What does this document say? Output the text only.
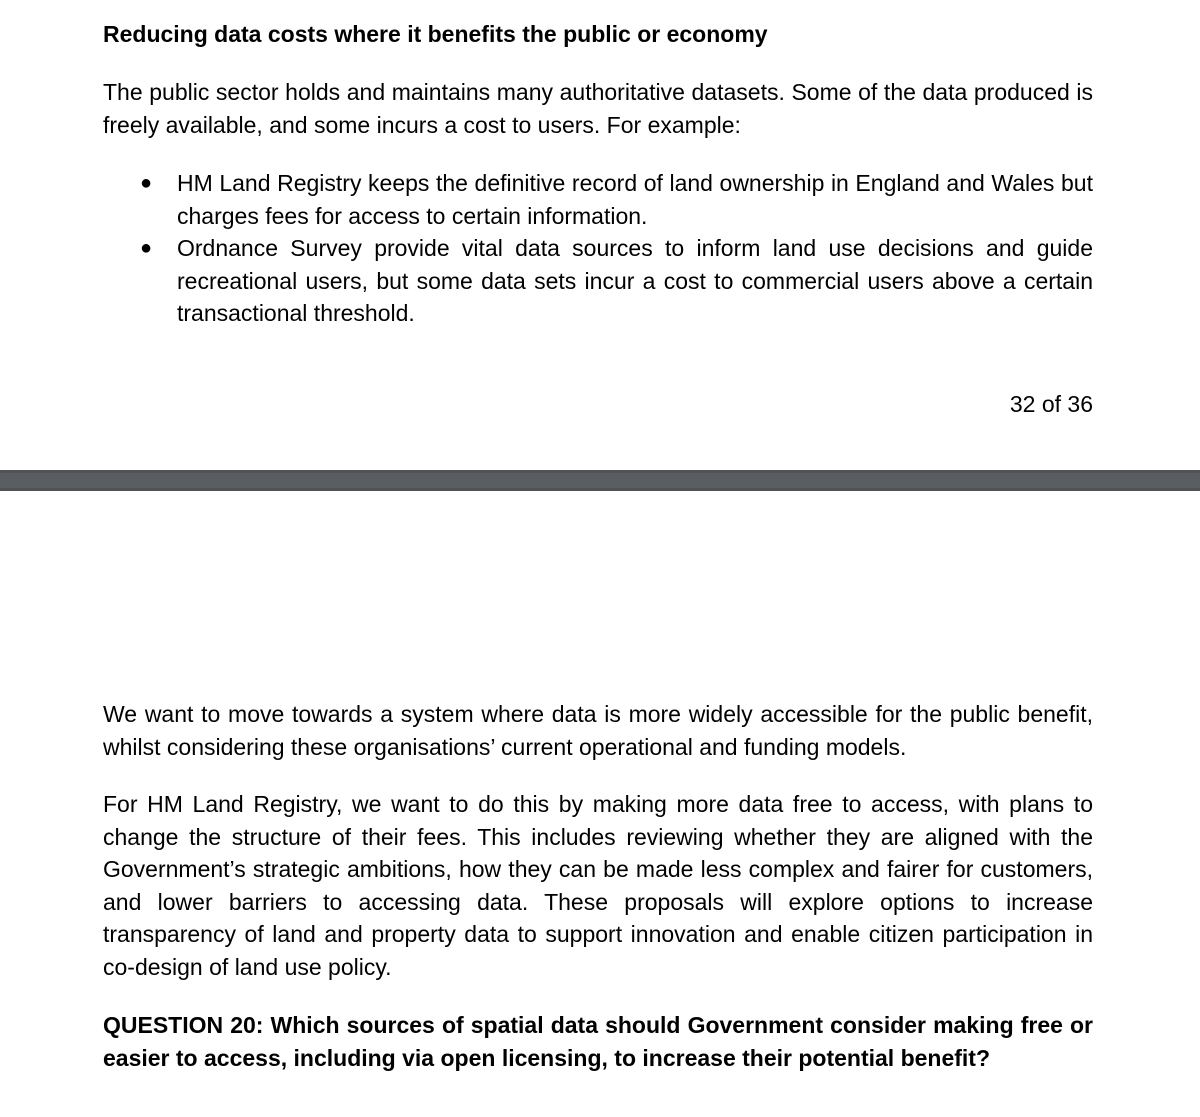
Reducing data costs where it benefits the public or economy
The public sector holds and maintains many authoritative datasets. Some of the data produced is freely available, and some incurs a cost to users. For example:
● HM Land Registry keeps the definitive record of land ownership in England and Wales but charges fees for access to certain information.
● Ordnance Survey provide vital data sources to inform land use decisions and guide recreational users, but some data sets incur a cost to commercial users above a certain transactional threshold.
32 of 36
We want to move towards a system where data is more widely accessible for the public benefit, whilst considering these organisations’ current operational and funding models.
For HM Land Registry, we want to do this by making more data free to access, with plans to change the structure of their fees. This includes reviewing whether they are aligned with the Government’s strategic ambitions, how they can be made less complex and fairer for customers, and lower barriers to accessing data. These proposals will explore options to increase transparency of land and property data to support innovation and enable citizen participation in co-design of land use policy.
QUESTION 20: Which sources of spatial data should Government consider making free or easier to access, including via open licensing, to increase their potential benefit?
